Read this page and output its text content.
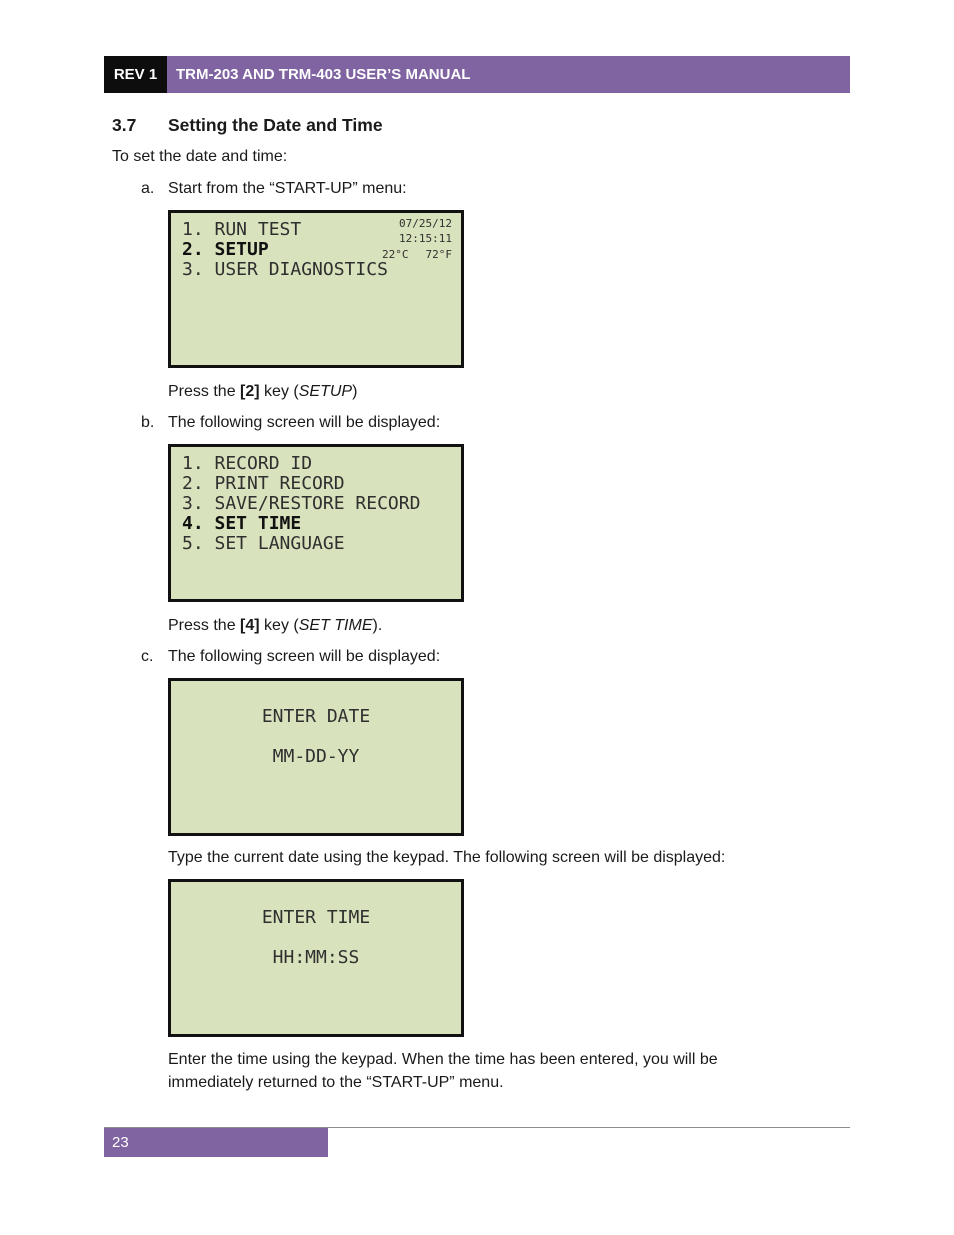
REV 1	TRM-203 AND TRM-403 USER’S MANUAL
3.7 Setting the Date and Time
To set the date and time:
a. Start from the “START-UP” menu:
1. RUN TEST
2. SETUP
3. USER DIAGNOSTICS
07/25/12
12:15:11
22°C 72°F
Press the [2] key (SETUP)
b. The following screen will be displayed:
1. RECORD ID
2. PRINT RECORD
3. SAVE/RESTORE RECORD
4. SET TIME
5. SET LANGUAGE
Press the [4] key (SET TIME).
c. The following screen will be displayed:
ENTER DATE
MM-DD-YY
Type the current date using the keypad. The following screen will be displayed:
ENTER TIME
HH:MM:SS
Enter the time using the keypad. When the time has been entered, you will be
immediately returned to the “START-UP” menu.
23
